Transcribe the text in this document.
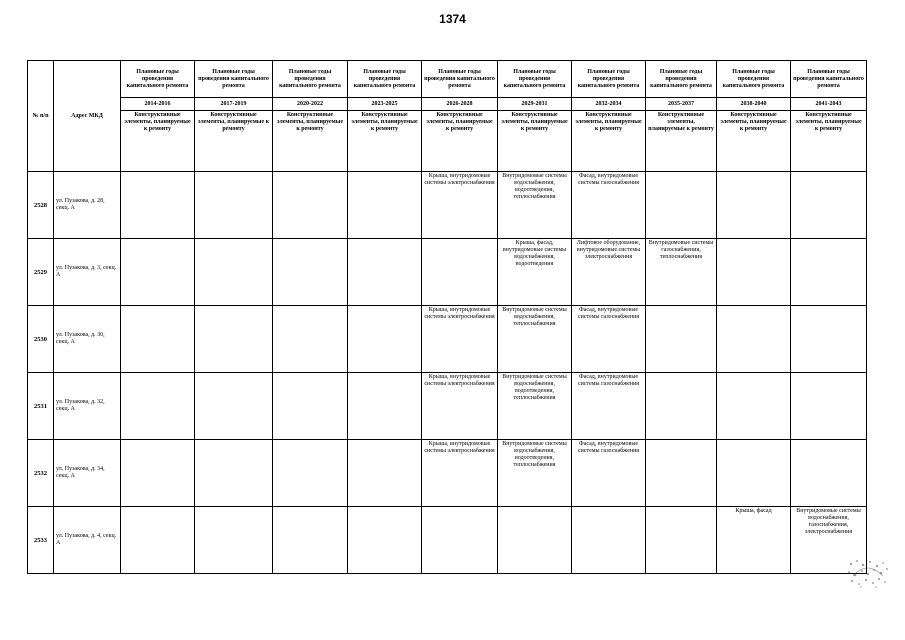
1374
№ п/п	Адрес МКД	Плановые годы проведения капитального ремонта	Плановые годы проведения капитального ремонта	Плановые годы проведения капитального ремонта	Плановые годы проведения капитального ремонта	Плановые годы проведения капитального ремонта	Плановые годы проведения капитального ремонта	Плановые годы проведения капитального ремонта	Плановые годы проведения капитального ремонта	Плановые годы проведения капитального ремонта	Плановые годы проведения капитального ремонта
		2014-2016	2017-2019	2020-2022	2023-2025	2026-2028	2029-2031	2032-2034	2035-2037	2038-2040	2041-2043
		Конструктивные элементы, планируемые к ремонту	Конструктивные элементы, планируемые к ремонту	Конструктивные элементы, планируемые к ремонту	Конструктивные элементы, планируемые к ремонту	Конструктивные элементы, планируемые к ремонту	Конструктивные элементы, планируемые к ремонту	Конструктивные элементы, планируемые к ремонту	Конструктивные элементы, планируемые к ремонту	Конструктивные элементы, планируемые к ремонту	Конструктивные элементы, планируемые к ремонту
2528	ул. Пузакова, д. 28, секц. А					Крыша, внутридомовые системы электроснабжения	Внутридомовые системы водоснабжения, водоотведения, теплоснабжения	Фасад, внутридомовые системы газоснабжения			
2529	ул. Пузакова, д. 3, секц. А						Крыша, фасад, внутридомовые системы водоснабжения, водоотведения	Лифтовое оборудование, внутридомовые системы электроснабжения	Внутридомовые системы газоснабжения, теплоснабжения		
2530	ул. Пузакова, д. 30, секц. А					Крыша, внутридомовые системы электроснабжения	Внутридомовые системы водоснабжения, теплоснабжения	Фасад, внутридомовые системы газоснабжения			
2531	ул. Пузакова, д. 32, секц. А					Крыша, внутридомовые системы электроснабжения	Внутридомовые системы водоснабжения, водоотведения, теплоснабжения	Фасад, внутридомовые системы газоснабжения			
2532	ул. Пузакова, д. 34, секц. А					Крыша, внутридомовые системы электроснабжения	Внутридомовые системы водоснабжения, водоотведения, теплоснабжения	Фасад, внутридомовые системы газоснабжения			
2533	ул. Пузакова, д. 4, секц. А									Крыша, фасад	Внутридомовые системы водоснабжения, газоснабжения, электроснабжения
